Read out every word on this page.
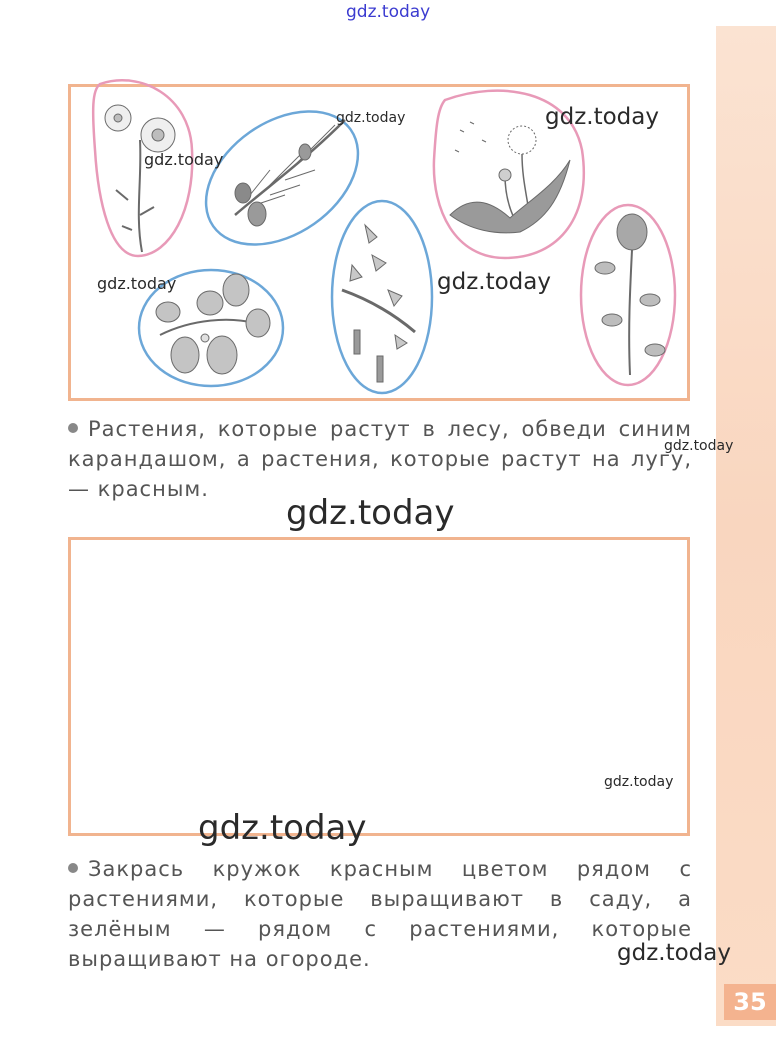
35
gdz.today
Растения, которые растут в лесу, обведи синим карандашом, а растения, которые растут на лугу, — красным.
Закрась кружок красным цветом рядом с растениями, которые выращивают в саду, а зелёным — рядом с растениями, которые выращивают на огороде.
gdz.today	gdz.today
gdz.today
gdz.today	gdz.today
gdz.today
gdz.today
gdz.today
gdz.today
gdz.today
